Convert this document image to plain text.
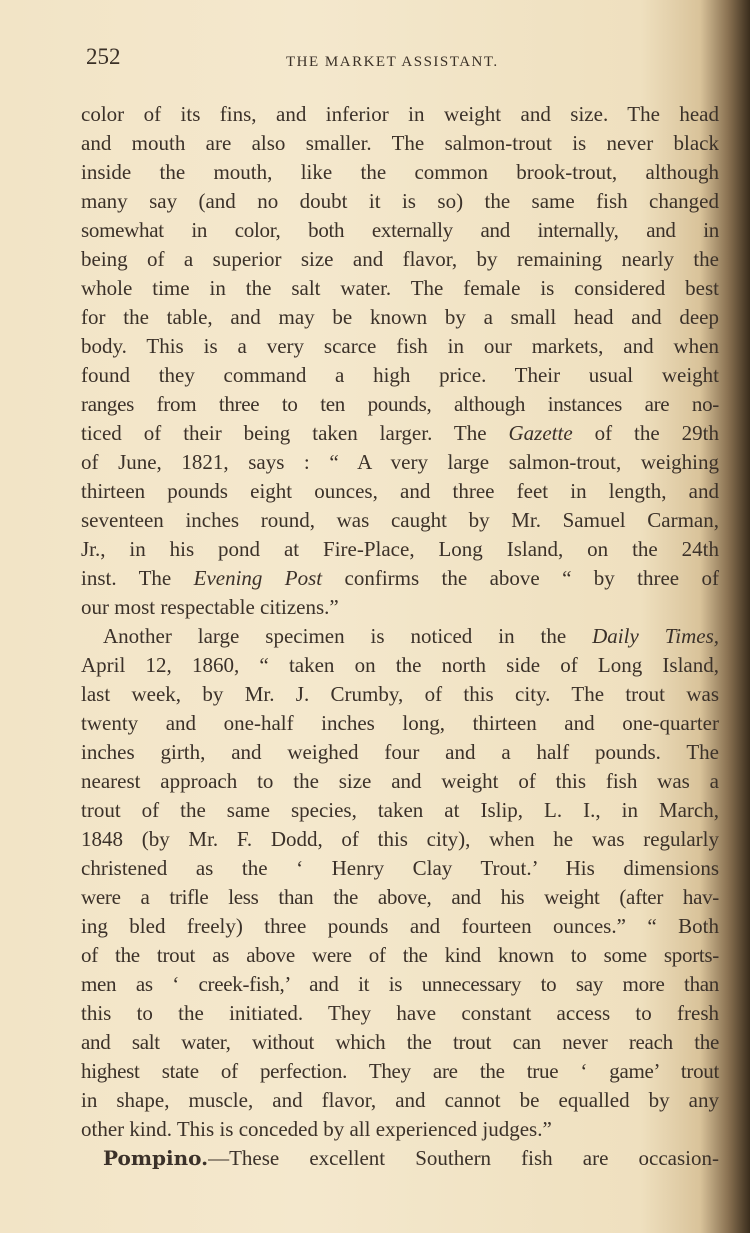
252	THE MARKET ASSISTANT.
color of its fins, and inferior in weight and size. The head
and mouth are also smaller. The salmon-trout is never black
inside the mouth, like the common brook-trout, although
many say (and no doubt it is so) the same fish changed
somewhat in color, both externally and internally, and in
being of a superior size and flavor, by remaining nearly the
whole time in the salt water. The female is considered best
for the table, and may be known by a small head and deep
body. This is a very scarce fish in our markets, and when
found they command a high price. Their usual weight
ranges from three to ten pounds, although instances are no-
ticed of their being taken larger. The Gazette of the 29th
of June, 1821, says : “ A very large salmon-trout, weighing
thirteen pounds eight ounces, and three feet in length, and
seventeen inches round, was caught by Mr. Samuel Carman,
Jr., in his pond at Fire-Place, Long Island, on the 24th
inst. The Evening Post confirms the above “ by three of
our most respectable citizens.”
Another large specimen is noticed in the Daily Times,
April 12, 1860, “ taken on the north side of Long Island,
last week, by Mr. J. Crumby, of this city. The trout was
twenty and one-half inches long, thirteen and one-quarter
inches girth, and weighed four and a half pounds. The
nearest approach to the size and weight of this fish was a
trout of the same species, taken at Islip, L. I., in March,
1848 (by Mr. F. Dodd, of this city), when he was regularly
christened as the ‘ Henry Clay Trout.’ His dimensions
were a trifle less than the above, and his weight (after hav-
ing bled freely) three pounds and fourteen ounces.” “ Both
of the trout as above were of the kind known to some sports-
men as ‘ creek-fish,’ and it is unnecessary to say more than
this to the initiated. They have constant access to fresh
and salt water, without which the trout can never reach the
highest state of perfection. They are the true ‘ game’ trout
in shape, muscle, and flavor, and cannot be equalled by any
other kind. This is conceded by all experienced judges.”
Pompino.—These excellent Southern fish are occasion-
